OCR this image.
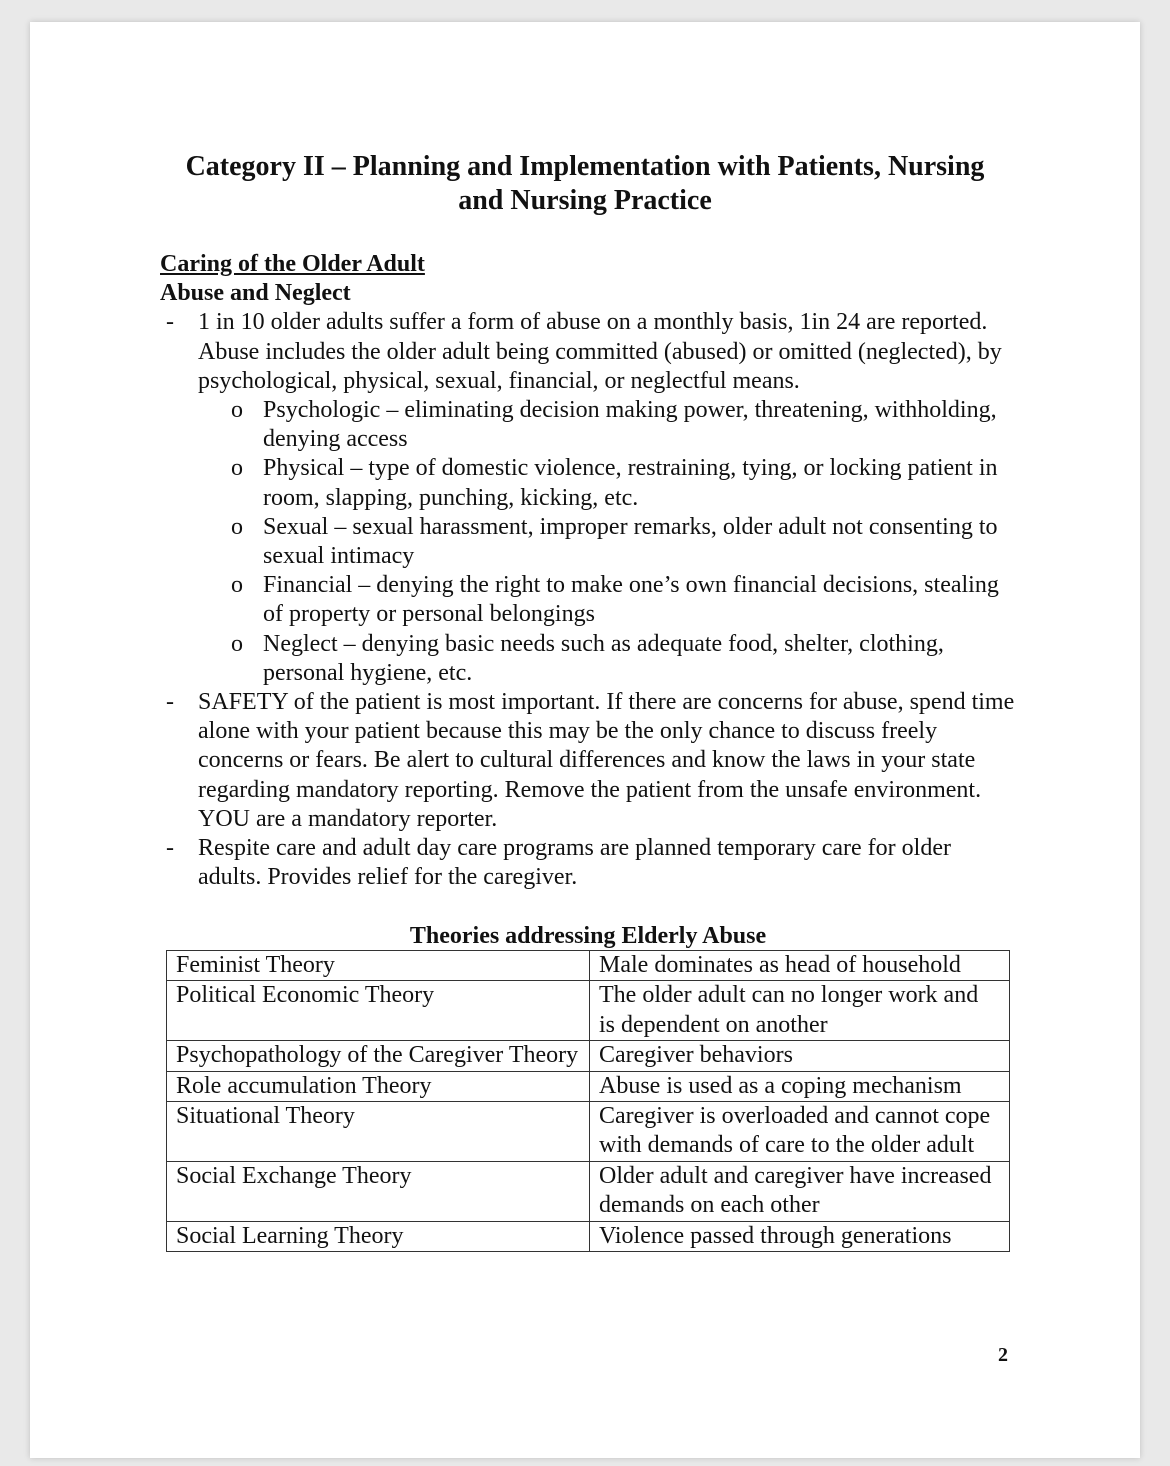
Category II – Planning and Implementation with Patients, Nursing
and Nursing Practice
Caring of the Older Adult
Abuse and Neglect
- 1 in 10 older adults suffer a form of abuse on a monthly basis, 1in 24 are reported. Abuse includes the older adult being committed (abused) or omitted (neglected), by psychological, physical, sexual, financial, or neglectful means.
o Psychologic – eliminating decision making power, threatening, withholding, denying access
o Physical – type of domestic violence, restraining, tying, or locking patient in room, slapping, punching, kicking, etc.
o Sexual – sexual harassment, improper remarks, older adult not consenting to sexual intimacy
o Financial – denying the right to make one’s own financial decisions, stealing of property or personal belongings
o Neglect – denying basic needs such as adequate food, shelter, clothing, personal hygiene, etc.
- SAFETY of the patient is most important. If there are concerns for abuse, spend time alone with your patient because this may be the only chance to discuss freely concerns or fears. Be alert to cultural differences and know the laws in your state regarding mandatory reporting. Remove the patient from the unsafe environment. YOU are a mandatory reporter.
- Respite care and adult day care programs are planned temporary care for older adults. Provides relief for the caregiver.
Theories addressing Elderly Abuse
Feminist Theory	Male dominates as head of household
Political Economic Theory	The older adult can no longer work and is dependent on another
Psychopathology of the Caregiver Theory	Caregiver behaviors
Role accumulation Theory	Abuse is used as a coping mechanism
Situational Theory	Caregiver is overloaded and cannot cope with demands of care to the older adult
Social Exchange Theory	Older adult and caregiver have increased demands on each other
Social Learning Theory	Violence passed through generations
2
